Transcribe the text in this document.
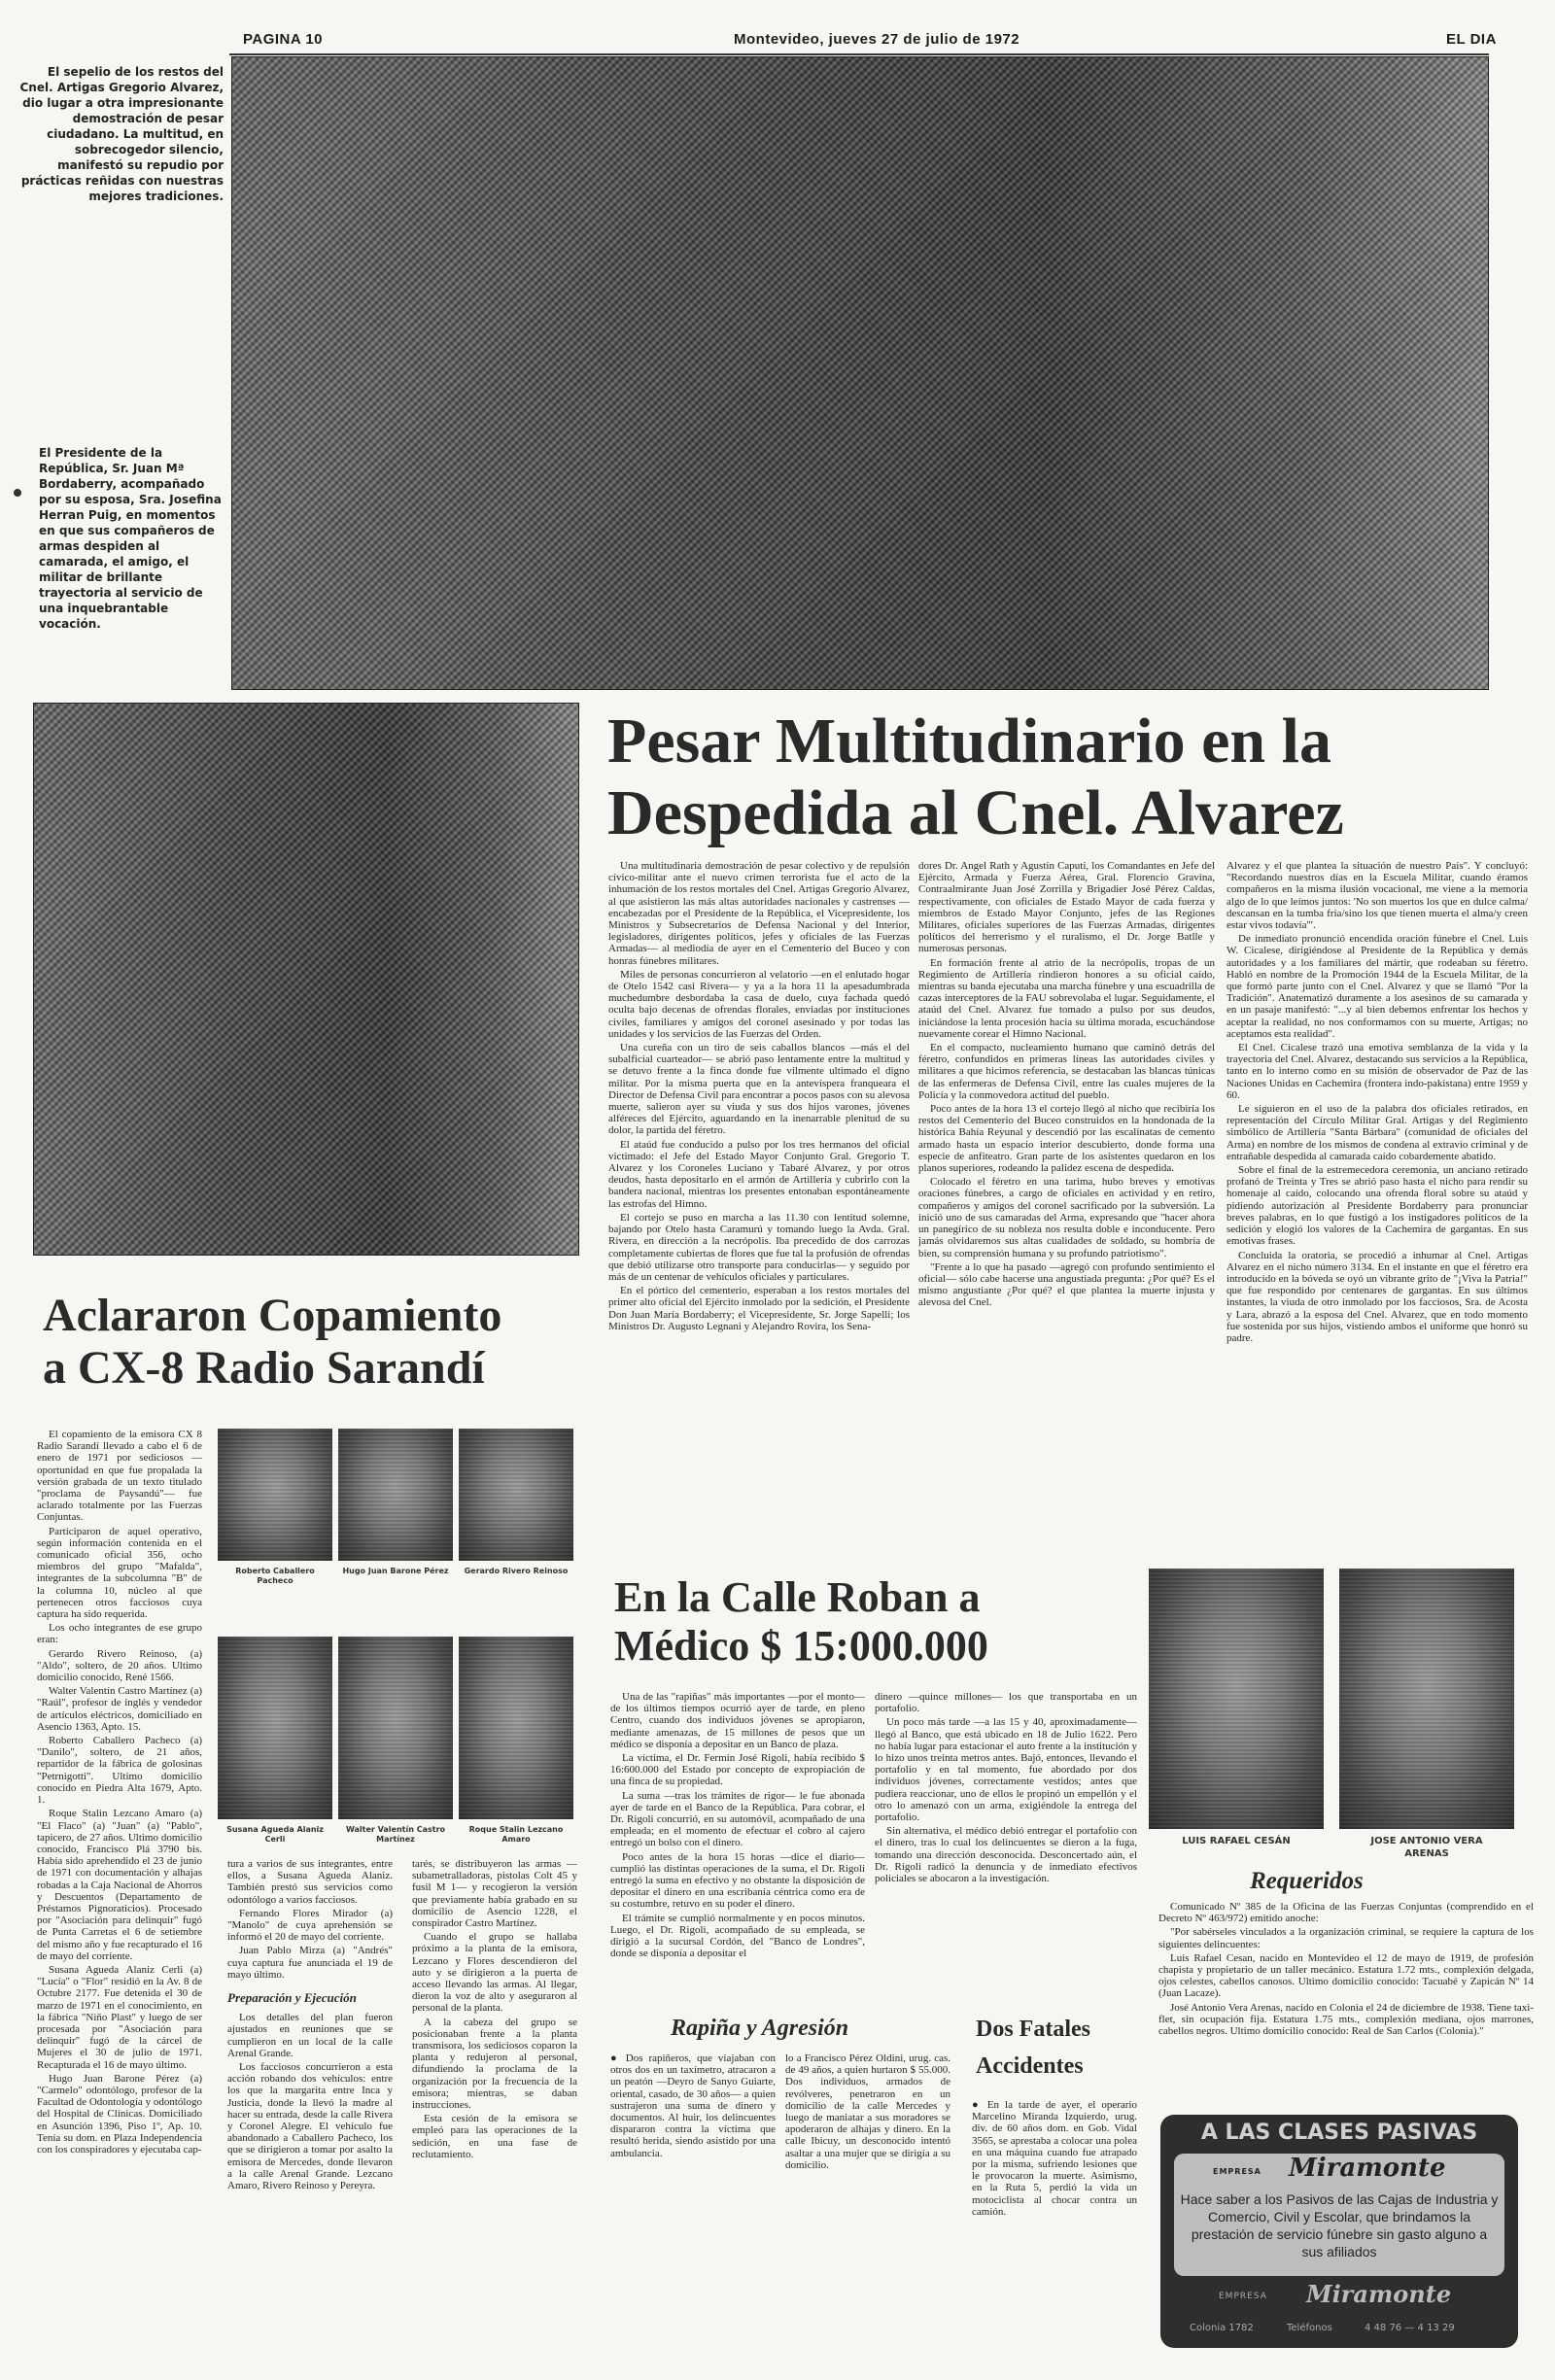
PAGINA 10	Montevideo, jueves 27 de julio de 1972	EL DIA
El sepelio de los restos del Cnel. Artigas Gregorio Alvarez, dio lugar a otra impresionante demostración de pesar ciudadano. La multitud, en sobrecogedor silencio, manifestó su repudio por prácticas reñidas con nuestras mejores tradiciones.
El Presidente de la República, Sr. Juan Mª Bordaberry, acompañado por su esposa, Sra. Josefina Herran Puig, en momentos en que sus compañeros de armas despiden al camarada, el amigo, el militar de brillante trayectoria al servicio de una inquebrantable vocación.
Pesar Multitudinario en la
Despedida al Cnel. Alvarez

Una multitudinaria demostración de pesar colectivo y de repulsión cívico-militar ante el nuevo crimen terrorista fue el acto de la inhumación de los restos mortales del Cnel. Artigas Gregorio Alvarez, al que asistieron las más altas autoridades nacionales y castrenses —encabezadas por el Presidente de la República, el Vicepresidente, los Ministros y Subsecretarios de Defensa Nacional y del Interior, legisladores, dirigentes políticos, jefes y oficiales de las Fuerzas Armadas— al mediodía de ayer en el Cementerio del Buceo y con honras fúnebres militares.

Miles de personas concurrieron al velatorio —en el enlutado hogar de Otelo 1542 casi Rivera— y ya a la hora 11 la apesadumbrada muchedumbre desbordaba la casa de duelo, cuya fachada quedó oculta bajo decenas de ofrendas florales, enviadas por instituciones civiles, familiares y amigos del coronel asesinado y por todas las unidades y los servicios de las Fuerzas del Orden.

Una cureña con un tiro de seis caballos blancos —más el del subalficial cuarteador— se abrió paso lentamente entre la multitud y se detuvo frente a la finca donde fue vilmente ultimado el digno militar. Por la misma puerta que en la antevíspera franqueara el Director de Defensa Civil para encontrar a pocos pasos con su alevosa muerte, salieron ayer su viuda y sus dos hijos varones, jóvenes alféreces del Ejército, aguardando en la inenarrable plenitud de su dolor, la partida del féretro.

El ataúd fue conducido a pulso por los tres hermanos del oficial victimado: el Jefe del Estado Mayor Conjunto Gral. Gregorio T. Alvarez y los Coroneles Luciano y Tabaré Alvarez, y por otros deudos, hasta depositarlo en el armón de Artillería y cubrirlo con la bandera nacional, mientras los presentes entonaban espontáneamente las estrofas del Himno.

El cortejo se puso en marcha a las 11.30 con lentitud solemne, bajando por Otelo hasta Caramurú y tomando luego la Avda. Gral. Rivera, en dirección a la necrópolis. Iba precedido de dos carrozas completamente cubiertas de flores que fue tal la profusión de ofrendas que debió utilizarse otro transporte para conducirlas— y seguido por más de un centenar de vehículos oficiales y particulares.

En el pórtico del cementerio, esperaban a los restos mortales del primer alto oficial del Ejército inmolado por la sedición, el Presidente Don Juan María Bordaberry; el Vicepresidente, Sr. Jorge Sapelli; los Ministros Dr. Augusto Legnani y Alejandro Rovira, los Sena-

dores Dr. Angel Rath y Agustín Caputi, los Comandantes en Jefe del Ejército, Armada y Fuerza Aérea, Gral. Florencio Gravina, Contraalmirante Juan José Zorrilla y Brigadier José Pérez Caldas, respectivamente, con oficiales de Estado Mayor de cada fuerza y miembros de Estado Mayor Conjunto, jefes de las Regiones Militares, oficiales superiores de las Fuerzas Armadas, dirigentes políticos del herrerismo y el ruralismo, el Dr. Jorge Batlle y numerosas personas.

En formación frente al atrio de la necrópolis, tropas de un Regimiento de Artillería rindieron honores a su oficial caído, mientras su banda ejecutaba una marcha fúnebre y una escuadrilla de cazas interceptores de la FAU sobrevolaba el lugar. Seguidamente, el ataúd del Cnel. Alvarez fue tomado a pulso por sus deudos, iniciándose la lenta procesión hacia su última morada, escuchándose nuevamente corear el Himno Nacional.

En el compacto, nucleamiento humano que caminó detrás del féretro, confundidos en primeras líneas las autoridades civiles y militares a que hicimos referencia, se destacaban las blancas túnicas de las enfermeras de Defensa Civil, entre las cuales mujeres de la Policía y la conmovedora actitud del pueblo.

Poco antes de la hora 13 el cortejo llegó al nicho que recibiría los restos del Cementerio del Buceo construidos en la hondonada de la histórica Bahía Reyunal y descendió por las escalinatas de cemento armado hasta un espacio interior descubierto, donde forma una especie de anfiteatro. Gran parte de los asistentes quedaron en los planos superiores, rodeando la palidez escena de despedida.

Colocado el féretro en una tarima, hubo breves y emotivas oraciones fúnebres, a cargo de oficiales en actividad y en retiro, compañeros y amigos del coronel sacrificado por la subversión. La inició uno de sus camaradas del Arma, expresando que "hacer ahora un panegírico de su nobleza nos resulta doble e inconducente. Pero jamás olvidaremos sus altas cualidades de soldado, su hombría de bien, su comprensión humana y su profundo patriotismo".

"Frente a lo que ha pasado —agregó con profundo sentimiento el oficial— sólo cabe hacerse una angustiada pregunta: ¿Por qué? Es el mismo angustiante ¿Por qué? el que plantea la muerte injusta y alevosa del Cnel.

Alvarez y el que plantea la situación de nuestro País". Y concluyó: "Recordando nuestros días en la Escuela Militar, cuando éramos compañeros en la misma ilusión vocacional, me viene a la memoria algo de lo que leímos juntos: 'No son muertos los que en dulce calma/ descansan en la tumba fría/sino los que tienen muerta el alma/y creen estar vivos todavía'".

De inmediato pronunció encendida oración fúnebre el Cnel. Luis W. Cicalese, dirigiéndose al Presidente de la República y demás autoridades y a los familiares del mártir, que rodeaban su féretro. Habló en nombre de la Promoción 1944 de la Escuela Militar, de la que formó parte junto con el Cnel. Alvarez y que se llamó "Por la Tradición". Anatematizó duramente a los asesinos de su camarada y en un pasaje manifestó: "...y al bien debemos enfrentar los hechos y aceptar la realidad, no nos conformamos con su muerte, Artigas; no aceptamos esta realidad".

El Cnel. Cicalese trazó una emotiva semblanza de la vida y la trayectoria del Cnel. Alvarez, destacando sus servicios a la República, tanto en lo interno como en su misión de observador de Paz de las Naciones Unidas en Cachemira (frontera indo-pakistana) entre 1959 y 60.

Le siguieron en el uso de la palabra dos oficiales retirados, en representación del Círculo Militar Gral. Artigas y del Regimiento simbólico de Artillería "Santa Bárbara" (comunidad de oficiales del Arma) en nombre de los mismos de condena al extravío criminal y de entrañable despedida al camarada caído cobardemente abatido.

Sobre el final de la estremecedora ceremonia, un anciano retirado profanó de Treinta y Tres se abrió paso hasta el nicho para rendir su homenaje al caído, colocando una ofrenda floral sobre su ataúd y pidiendo autorización al Presidente Bordaberry para pronunciar breves palabras, en lo que fustigó a los instigadores políticos de la sedición y elogió los valores de la Cachemira de gargantas. En sus emotivas frases.

Concluida la oratoria, se procedió a inhumar al Cnel. Artigas Alvarez en el nicho número 3134. En el instante en que el féretro era introducido en la bóveda se oyó un vibrante grito de "¡Viva la Patria!" que fue respondido por centenares de gargantas. En sus últimos instantes, la viuda de otro inmolado por los facciosos, Sra. de Acosta y Lara, abrazó a la esposa del Cnel. Alvarez, que en todo momento fue sostenida por sus hijos, vistiendo ambos el uniforme que honró su padre.

Aclararon Copamiento
a CX-8 Radio Sarandí

El copamiento de la emisora CX 8 Radio Sarandí llevado a cabo el 6 de enero de 1971 por sediciosos —oportunidad en que fue propalada la versión grabada de un texto titulado "proclama de Paysandú"— fue aclarado totalmente por las Fuerzas Conjuntas.

Participaron de aquel operativo, según información contenida en el comunicado oficial 356, ocho miembros del grupo "Mafalda", integrantes de la subcolumna "B" de la columna 10, núcleo al que pertenecen otros facciosos cuya captura ha sido requerida.

Los ocho integrantes de ese grupo eran:

Gerardo Rivero Reinoso, (a) "Aldo", soltero, de 20 años. Ultimo domicilio conocido, René 1566.

Walter Valentín Castro Martínez (a) "Raúl", profesor de inglés y vendedor de artículos eléctricos, domiciliado en Asencio 1363, Apto. 15.

Roberto Caballero Pacheco (a) "Danilo", soltero, de 21 años, repartidor de la fábrica de golosinas "Petrnigotti". Ultimo domicilio conocido en Piedra Alta 1679, Apto. 1.

Roque Stalin Lezcano Amaro (a) "El Flaco" (a) "Juan" (a) "Pablo", tapicero, de 27 años. Ultimo domicilio conocido, Francisco Plá 3790 bis. Había sido aprehendido el 23 de junio de 1971 con documentación y alhajas robadas a la Caja Nacional de Ahorros y Descuentos (Departamento de Préstamos Pignoraticios). Procesado por "Asociación para delinquir" fugó de Punta Carretas el 6 de setiembre del mismo año y fue recapturado el 16 de mayo del corriente.

Susana Aguedа Alaniz Cerli (a) "Lucía" o "Flor" residió en la Av. 8 de Octubre 2177. Fue detenida el 30 de marzo de 1971 en el conocimiento, en la fábrica "Niño Plast" y luego de ser procesada por "Asociación para delinquir" fugó de la cárcel de Mujeres el 30 de julio de 1971. Recapturada el 16 de mayo último.

Hugo Juan Barone Pérez (a) "Carmelo" odontólogo, profesor de la Facultad de Odontología y odontólogo del Hospital de Clínicas. Domiciliado en Asunción 1396, Piso 1º, Ap. 10. Tenía su dom. en Plaza Independencia con los conspiradores y ejecutaba cap-

Roberto Caballero Pacheco
Hugo Juan Barone Pérez	Gerardo Rivero Reinoso
Susana Agueda Alaniz Cerli
Walter Valentín Castro Martínez
Roque Stalin Lezcano Amaro

tura a varios de sus integrantes, entre ellos, a Susana Agueda Alaniz. También prestó sus servicios como odontólogo a varios facciosos.

Fernando Flores Mirador (a) "Manolo" de cuya aprehensión se informó el 20 de mayo del corriente.

Juan Pablo Mirza (a) "Andrés" cuya captura fue anunciada el 19 de mayo último.

Preparación y Ejecución

Los detalles del plan fueron ajustados en reuniones que se cumplieron en un local de la calle Arenal Grande.

Los facciosos concurrieron a esta acción robando dos vehículos: entre los que la margarita entre Inca y Justicia, donde la llevó la madre al hacer su entrada, desde la calle Rivera y Coronel Alegre. El vehículo fue abandonado a Caballero Pacheco, los que se dirigieron a tomar por asalto la emisora de Mercedes, donde llevaron a la calle Arenal Grande. Lezcano Amaro, Rivero Reinoso y Pereyra.

tarés, se distribuyeron las armas —subametralladoras, pistolas Colt 45 y fusil M 1— y recogieron la versión que previamente había grabado en su domicilio de Asencio 1228, el conspirador Castro Martínez.

Cuando el grupo se hallaba próximo a la planta de la emisora, Lezcano y Flores descendieron del auto y se dirigieron a la puerta de acceso llevando las armas. Al llegar, dieron la voz de alto y aseguraron al personal de la planta.

A la cabeza del grupo se posicionaban frente a la planta transmisora, los sediciosos coparon la planta y redujeron al personal, difundiendo la proclama de la organización por la frecuencia de la emisora; mientras, se daban instrucciones.

Esta cesión de la emisora se empleó para las operaciones de la sedición, en una fase de reclutamiento.

En la Calle Roban a
Médico $ 15:000.000

Una de las "rapiñas" más importantes —por el monto— de los últimos tiempos ocurrió ayer de tarde, en pleno Centro, cuando dos individuos jóvenes se apropiaron, mediante amenazas, de 15 millones de pesos que un médico se disponía a depositar en un Banco de plaza.

La víctima, el Dr. Fermín José Rigoli, había recibido $ 16:600.000 del Estado por concepto de expropiación de una finca de su propiedad.

La suma —tras los trámites de rigor— le fue abonada ayer de tarde en el Banco de la República. Para cobrar, el Dr. Rigoli concurrió, en su automóvil, acompañado de una empleada; en el momento de efectuar el cobro al cajero entregó un bolso con el dinero.

Poco antes de la hora 15 horas —dice el diario— cumplió las distintas operaciones de la suma, el Dr. Rigoli entregó la suma en efectivo y no obstante la disposición de depositar el dinero en una escribanía céntrica como era de su costumbre, retuvo en su poder el dinero.

El trámite se cumplió normalmente y en pocos minutos. Luego, el Dr. Rigoli, acompañado de su empleada, se dirigió a la sucursal Cordón, del "Banco de Londres", donde se disponía a depositar el

dinero —quince millones— los que transportaba en un portafolio.

Un poco más tarde —a las 15 y 40, aproximadamente— llegó al Banco, que está ubicado en 18 de Julio 1622. Pero no había lugar para estacionar el auto frente a la institución y lo hizo unos treinta metros antes. Bajó, entonces, llevando el portafolio y en tal momento, fue abordado por dos individuos jóvenes, correctamente vestidos; antes que pudiera reaccionar, uno de ellos le propinó un empellón y el otro lo amenazó con un arma, exigiéndole la entrega del portafolio.

Sin alternativa, el médico debió entregar el portafolio con el dinero, tras lo cual los delincuentes se dieron a la fuga, tomando una dirección desconocida. Desconcertado aún, el Dr. Rigoli radicó la denuncia y de inmediato efectivos policiales se abocaron a la investigación.

Rapiña y Agresión

● Dos rapiñeros, que viajaban con otros dos en un taxímetro, atracaron a un peatón —Deyro de Sanyo Guiarte, oriental, casado, de 30 años— a quien sustrajeron una suma de dinero y documentos. Al huir, los delincuentes dispararon contra la víctima que resultó herida, siendo asistido por una ambulancia.

lo a Francisco Pérez Oldini, urug. cas. de 49 años, a quien hurtaron $ 55.000. Dos individuos, armados de revólveres, penetraron en un domicilio de la calle Mercedes y luego de maniatar a sus moradores se apoderaron de alhajas y dinero. En la calle Ibicuy, un desconocido intentó asaltar a una mujer que se dirigía a su domicilio.

Dos Fatales
Accidentes

● En la tarde de ayer, el operario Marcelino Miranda Izquierdo, urug. div. de 60 años dom. en Gob. Vidal 3565, se aprestaba a colocar una polea en una máquina cuando fue atrapado por la misma, sufriendo lesiones que le provocaron la muerte. Asimismo, en la Ruta 5, perdió la vida un motociclista al chocar contra un camión.

LUIS RAFAEL CESÁN	JOSE ANTONIO VERA ARENAS
Requeridos

Comunicado Nº 385 de la Oficina de las Fuerzas Conjuntas (comprendido en el Decreto Nº 463/972) emitido anoche:

"Por sabérseles vinculados a la organización criminal, se requiere la captura de los siguientes delincuentes:

Luis Rafael Cesan, nacido en Montevideo el 12 de mayo de 1919, de profesión chapista y propietario de un taller mecánico. Estatura 1.72 mts., complexión delgada, ojos celestes, cabellos canosos. Ultimo domicilio conocido: Tacuabé y Zapicán Nº 14 (Juan Lacaze).

José Antonio Vera Arenas, nacido en Colonia el 24 de diciembre de 1938. Tiene taxi-flet, sin ocupación fija. Estatura 1.75 mts., complexión mediana, ojos marrones, cabellos negros. Ultimo domicilio conocido: Real de San Carlos (Colonia)."

A LAS CLASES PASIVAS
EMPRESA Miramonte
Hace saber a los Pasivos de las Cajas de Industria y Comercio, Civil y Escolar, que brindamos la prestación de servicio fúnebre sin gasto alguno a sus afiliados
EMPRESA Miramonte
Colonia 1782	Teléfonos	4 48 76 — 4 13 29
